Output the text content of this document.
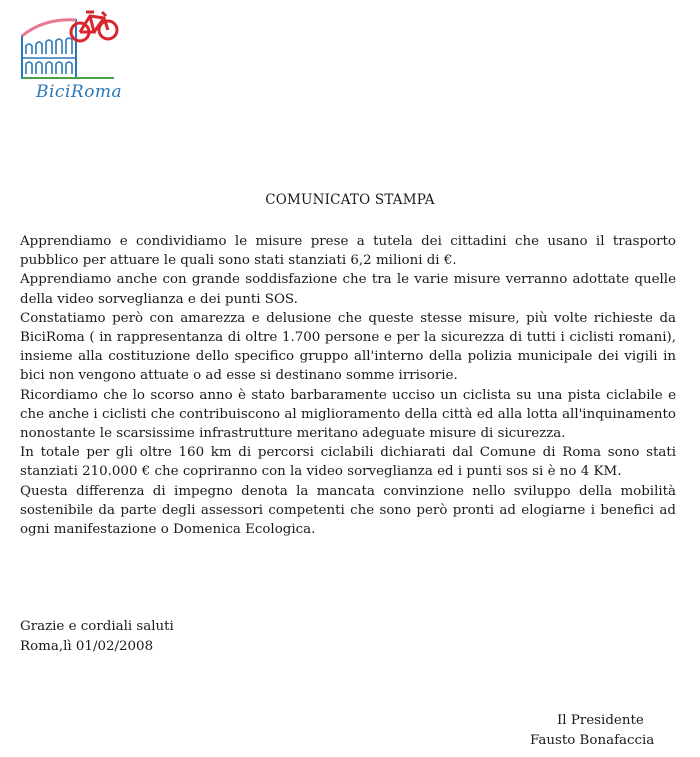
BiciRoma
COMUNICATO STAMPA

Apprendiamo e condividiamo le misure prese a tutela dei cittadini che usano il trasporto pubblico per attuare le quali sono stati stanziati 6,2 milioni di €.

Apprendiamo anche con grande soddisfazione che tra le varie misure verranno adottate quelle della video sorveglianza e dei punti SOS.

Constatiamo però con amarezza e delusione che queste stesse misure, più volte richieste da BiciRoma ( in rappresentanza di oltre 1.700 persone e per la sicurezza di tutti i ciclisti romani), insieme alla costituzione dello specifico gruppo all'interno della polizia municipale dei vigili in bici non vengono attuate o ad esse si destinano somme irrisorie.

Ricordiamo che lo scorso anno è stato barbaramente ucciso un ciclista su una pista ciclabile e che anche i ciclisti che contribuiscono al miglioramento della città ed alla lotta all'inquinamento nonostante le scarsissime infrastrutture meritano adeguate misure di sicurezza.

In totale per gli oltre 160 km di percorsi ciclabili dichiarati dal Comune di Roma sono stati stanziati 210.000 € che copriranno con la video sorveglianza ed i punti sos si è no 4 KM.

Questa differenza di impegno denota la mancata convinzione nello sviluppo della mobilità sostenibile da parte degli assessori competenti che sono però pronti ad elogiarne i benefici ad ogni manifestazione o Domenica Ecologica.

Grazie e cordiali saluti
Roma,lì 01/02/2008
Il Presidente
Fausto Bonafaccia
